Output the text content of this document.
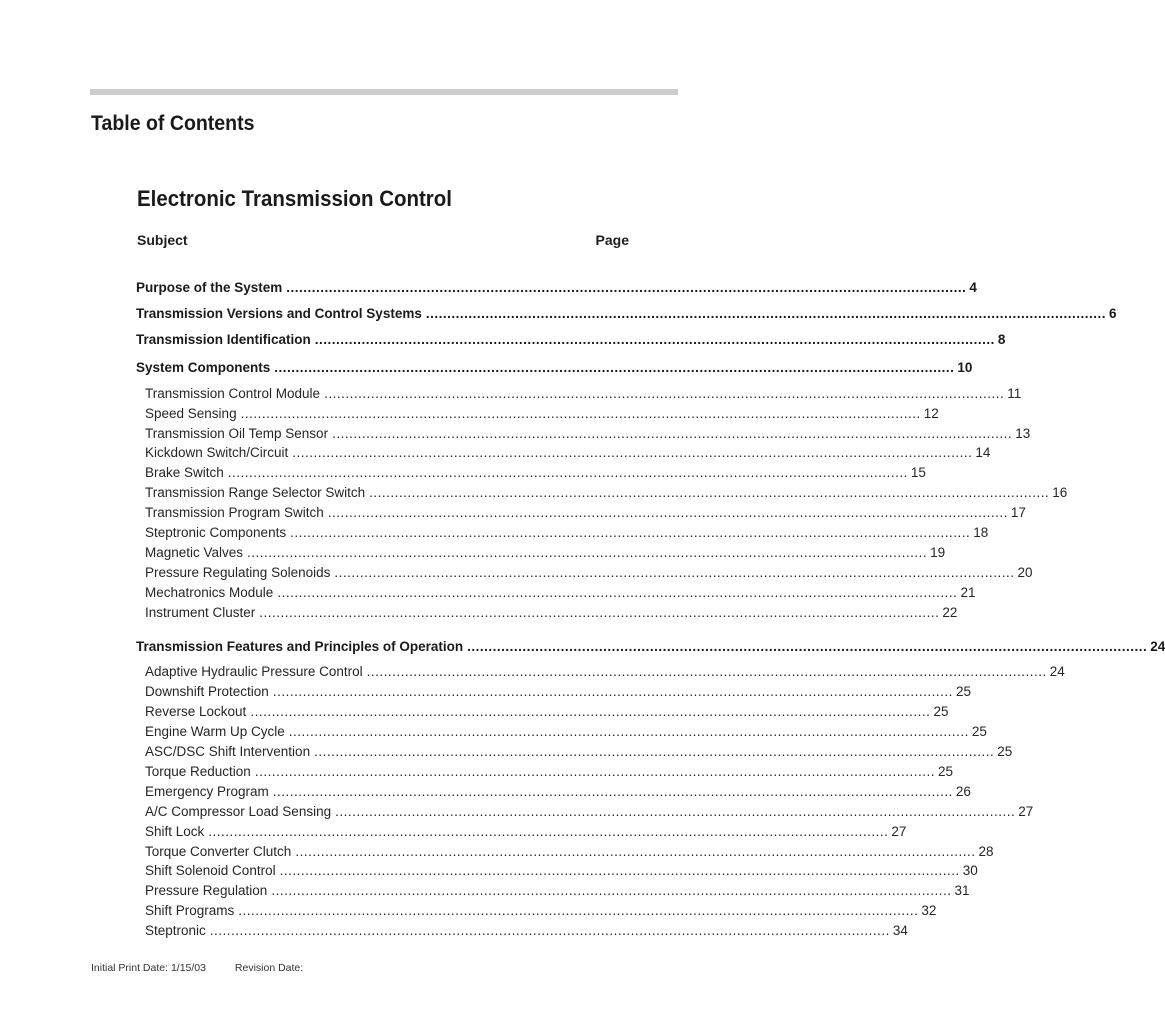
Table of Contents
Electronic Transmission Control
Subject	Page
Purpose of the System ................................................................................................................................................................ 4
Transmission Versions and Control Systems ................................................................................................................................................................ 6
Transmission Identification ................................................................................................................................................................ 8
System Components ................................................................................................................................................................ 10
Transmission Control Module ................................................................................................................................................................ 11
Speed Sensing ................................................................................................................................................................ 12
Transmission Oil Temp Sensor ................................................................................................................................................................ 13
Kickdown Switch/Circuit ................................................................................................................................................................ 14
Brake Switch ................................................................................................................................................................ 15
Transmission Range Selector Switch ................................................................................................................................................................ 16
Transmission Program Switch ................................................................................................................................................................ 17
Steptronic Components ................................................................................................................................................................ 18
Magnetic Valves ................................................................................................................................................................ 19
Pressure Regulating Solenoids ................................................................................................................................................................ 20
Mechatronics Module ................................................................................................................................................................ 21
Instrument Cluster ................................................................................................................................................................ 22
Transmission Features and Principles of Operation ................................................................................................................................................................ 24
Adaptive Hydraulic Pressure Control ................................................................................................................................................................ 24
Downshift Protection ................................................................................................................................................................ 25
Reverse Lockout ................................................................................................................................................................ 25
Engine Warm Up Cycle ................................................................................................................................................................ 25
ASC/DSC Shift Intervention ................................................................................................................................................................ 25
Torque Reduction ................................................................................................................................................................ 25
Emergency Program ................................................................................................................................................................ 26
A/C Compressor Load Sensing ................................................................................................................................................................ 27
Shift Lock ................................................................................................................................................................ 27
Torque Converter Clutch ................................................................................................................................................................ 28
Shift Solenoid Control ................................................................................................................................................................ 30
Pressure Regulation ................................................................................................................................................................ 31
Shift Programs ................................................................................................................................................................ 32
Steptronic ................................................................................................................................................................ 34
Initial Print Date: 1/15/03	Revision Date:
